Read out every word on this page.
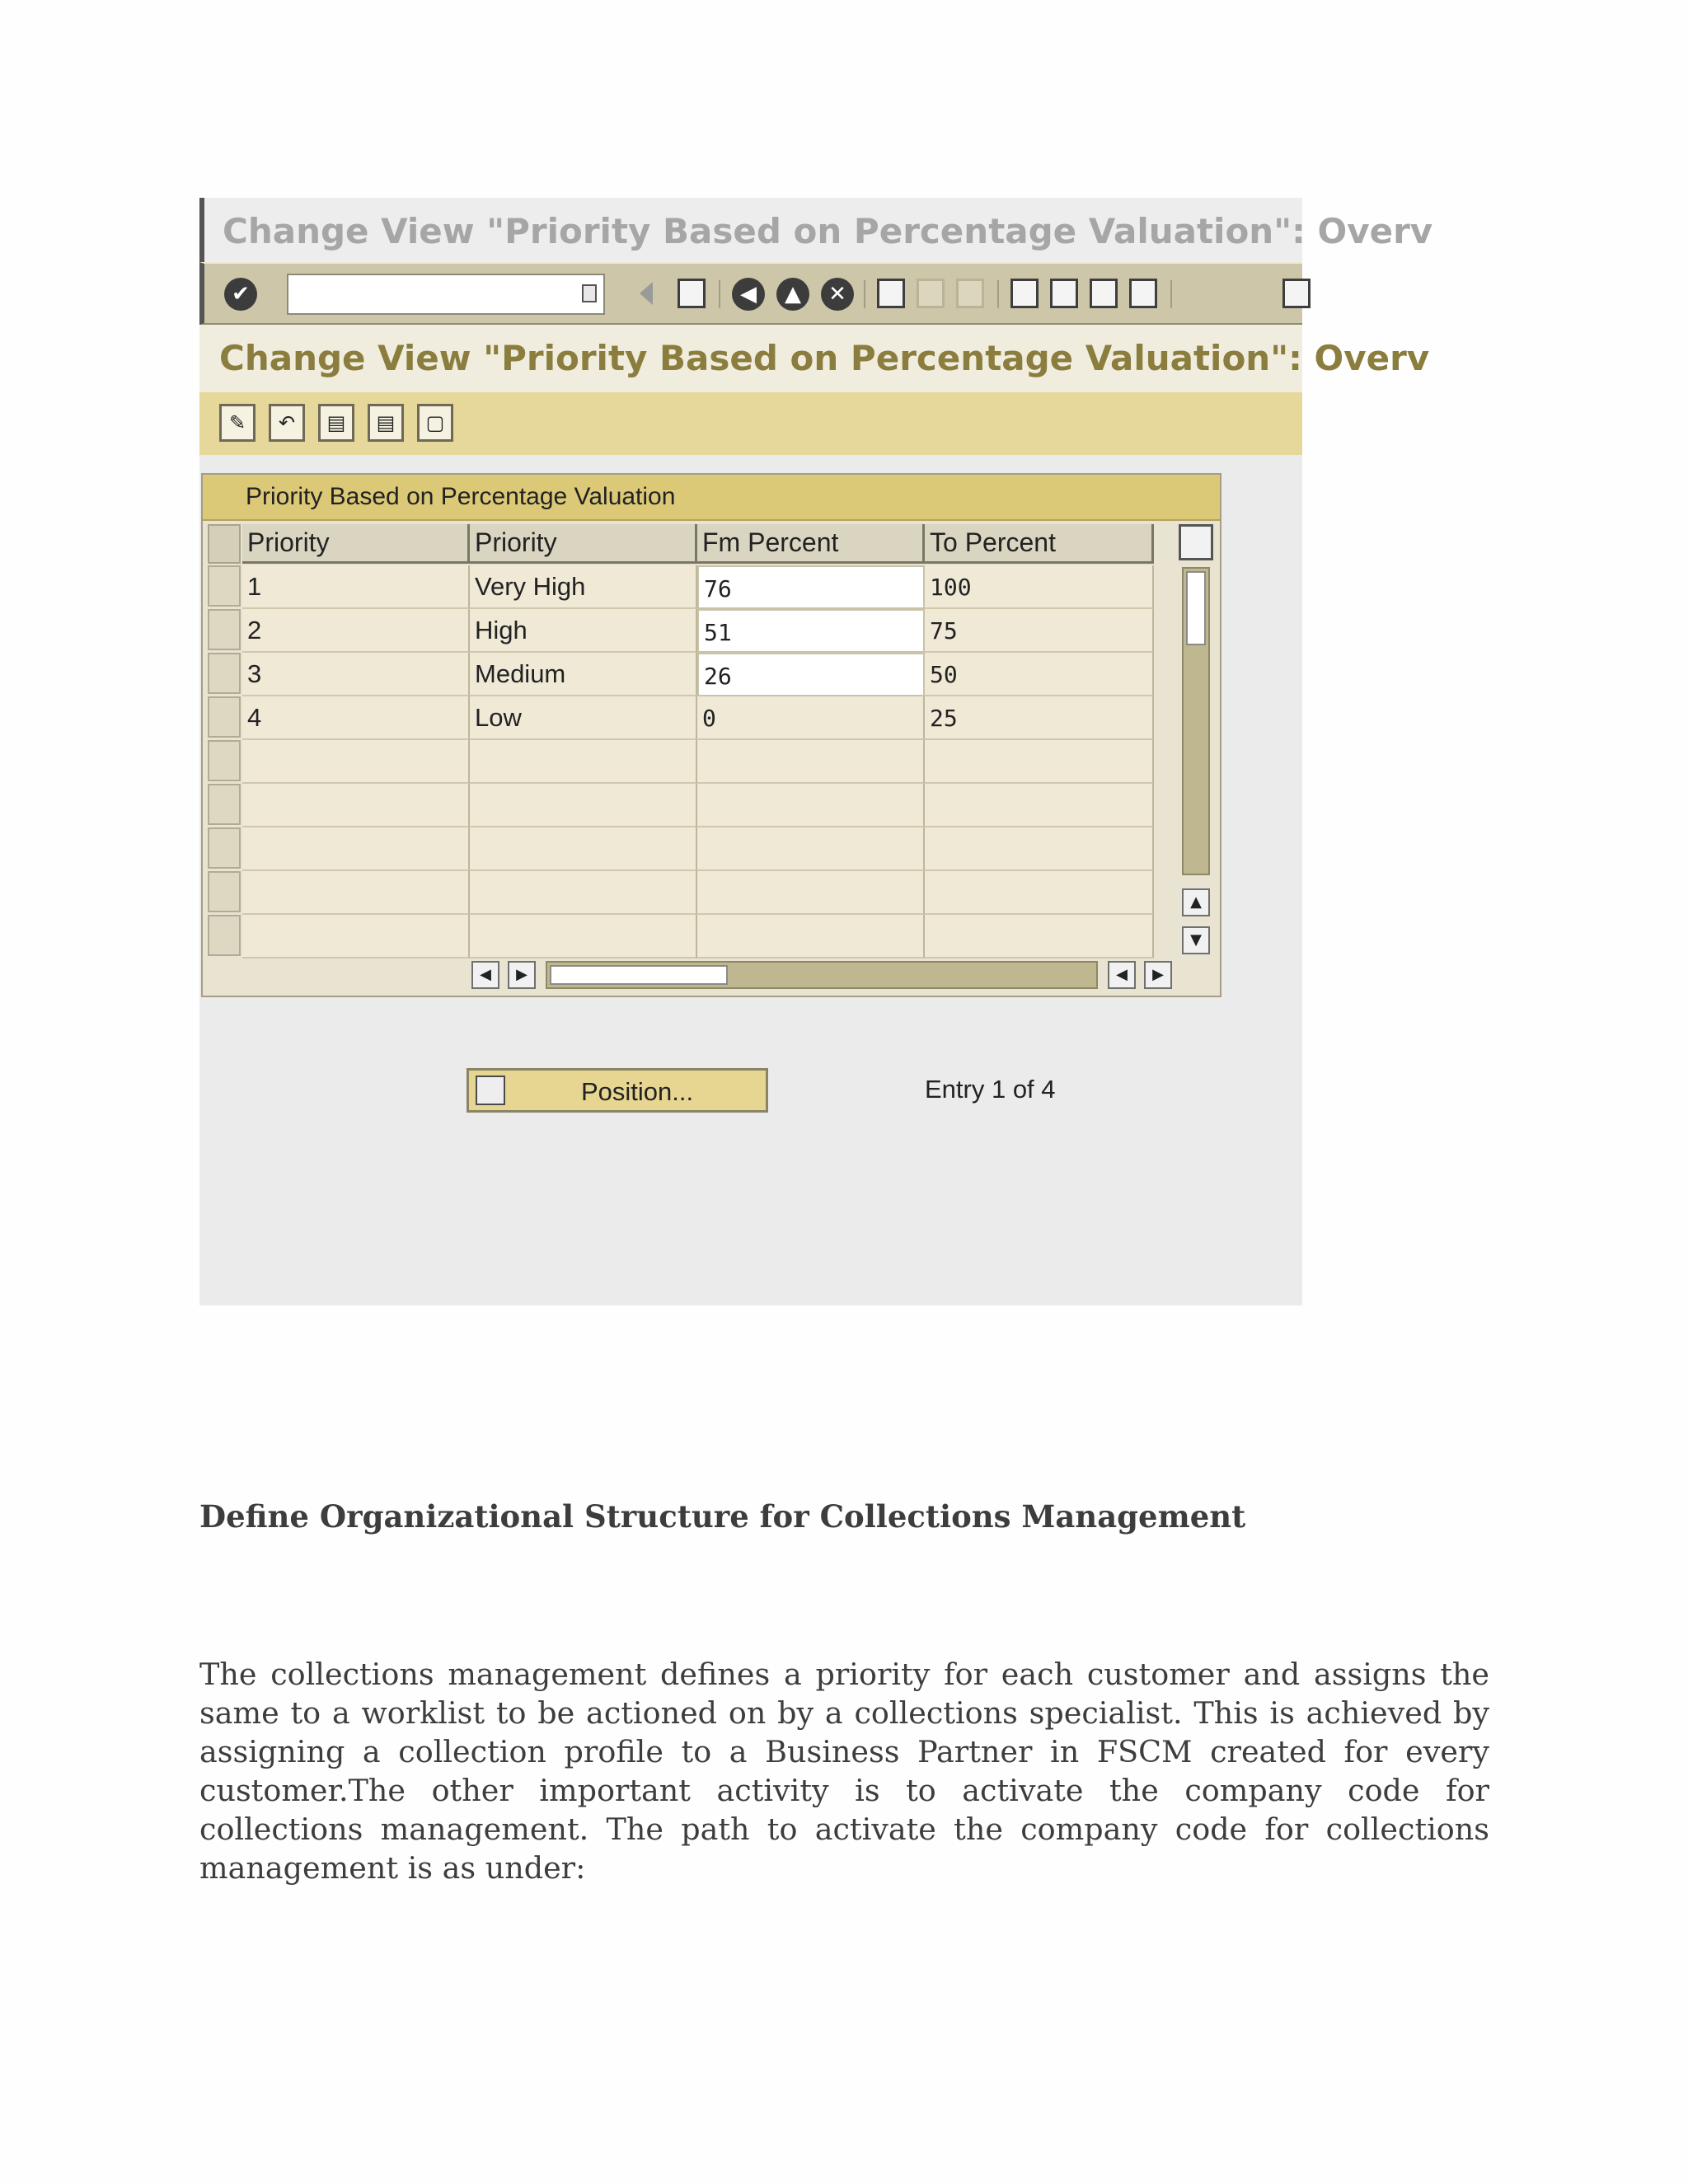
Change View "Priority Based on Percentage Valuation": Overv
✔	◀	▲	✕
Change View "Priority Based on Percentage Valuation": Overv
✎	↶	▤	▤	▢
Priority Based on Percentage Valuation
Priority	Priority	Fm Percent	To Percent
1	Very High	76	100
2	High	51	75
3	Medium	26	50
4	Low	0	25
▲
▼
◀	▶	◀	▶
Position...	Entry 1 of 4
Define Organizational Structure for Collections Management

The collections management defines a priority for each customer and assigns the same to a worklist to be actioned on by a collections specialist. This is achieved by assigning a collection profile to a Business Partner in FSCM created for every customer.The other important activity is to activate the company code for collections management. The path to activate the company code for collections management is as under:
